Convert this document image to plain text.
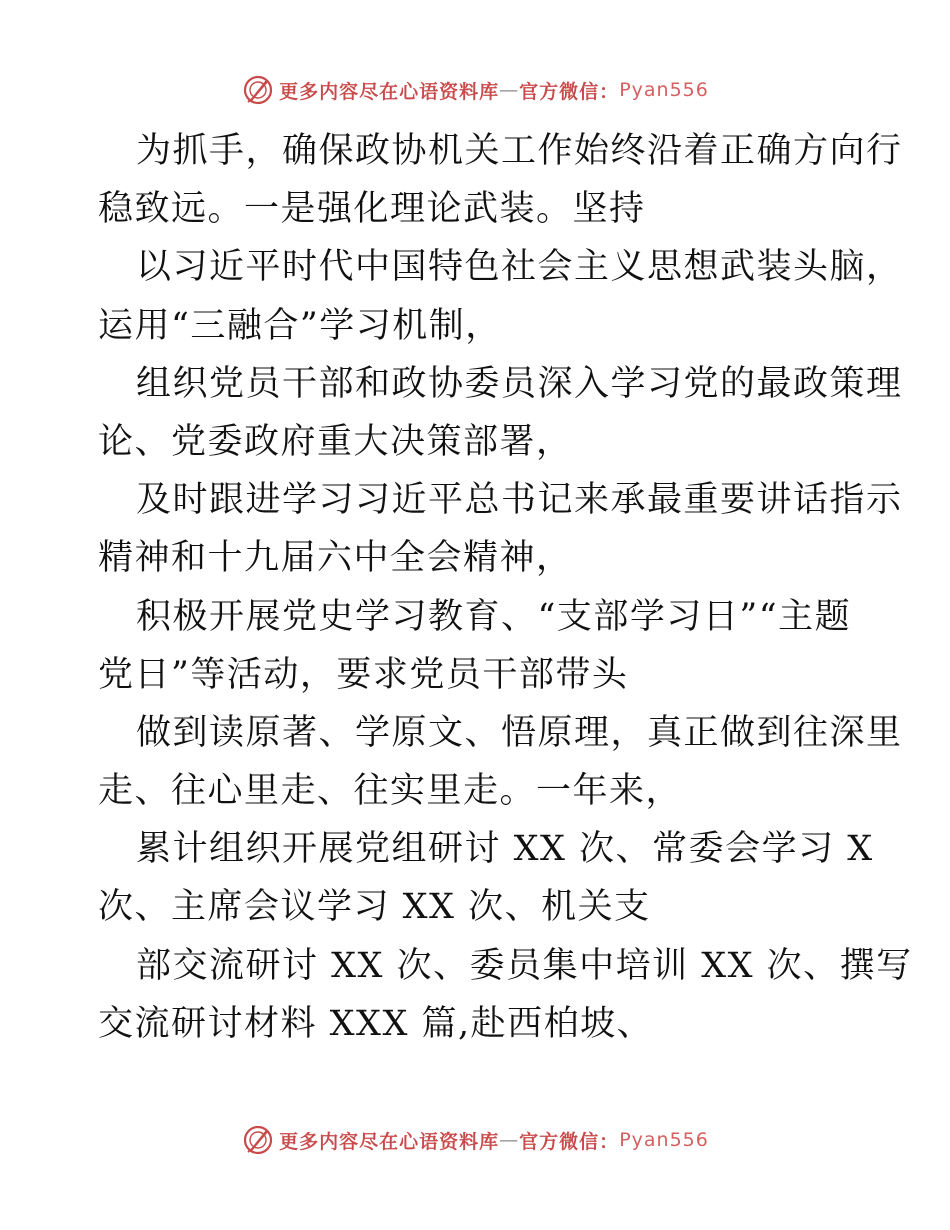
更多内容尽在心语资料库 — 官方微信： Pyan556
为抓手，确保政协机关工作始终沿着正确方向行
稳致远。一是强化理论武装。坚持
以习近平时代中国特色社会主义思想武装头脑，
运用“三融合”学习机制，
组织党员干部和政协委员深入学习党的最政策理
论、党委政府重大决策部署，
及时跟进学习习近平总书记来承最重要讲话指示
精神和十九届六中全会精神，
积极开展党史学习教育、“支部学习日”“主题
党日”等活动，要求党员干部带头
做到读原著、学原文、悟原理，真正做到往深里
走、往心里走、往实里走。一年来，
累计组织开展党组研讨 XX 次、常委会学习 X
次、主席会议学习 XX 次、机关支
部交流研讨 XX 次、委员集中培训 XX 次、撰写
交流研讨材料 XXX 篇,赴西柏坡、
更多内容尽在心语资料库 — 官方微信： Pyan556
